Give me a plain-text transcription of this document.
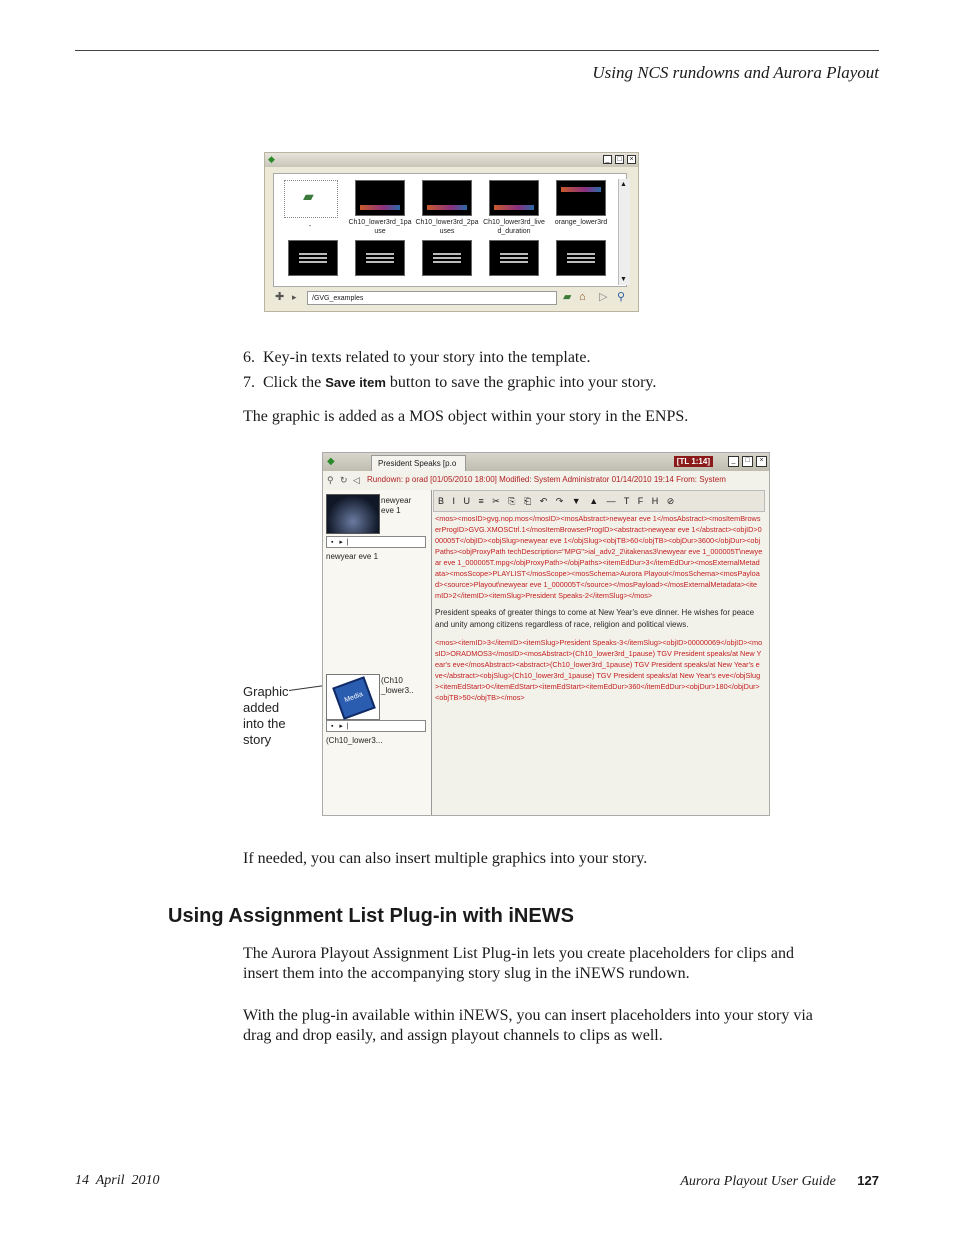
Using NCS rundowns and Aurora Playout
◆	_	□	×
▰
-
Ch10_lower3rd_1pa use
Ch10_lower3rd_2pa uses
Ch10_lower3rd_live d_duration
orange_lower3rd
▲
▼
✚ ▸	/GVG_examples	▰ ⌂ ▷ ⚲
6. Key-in texts related to your story into the template.
7. Click the Save item button to save the graphic into your story.
The graphic is added as a MOS object within your story in the ENPS.
Graphic added into the story
◆	President Speaks [p.o	[TL 1:14]	_	□	×
Rundown: p orad [01/05/2010 18:00] Modified: System Administrator 01/14/2010 19:14 From: System
⚲ ↻ ◁
B I U ≡ ✂ ⎘ ⎗ ↶ ↷ ▼ ▲ — T F H ⊘
newyear eve 1
▪   ▸  |
newyear eve 1
Media
(Ch10 _lower3..
▪   ▸  |
(Ch10_lower3...

<mos><mosID>gvg.nop.mos</mosID><mosAbstract>newyear eve 1</mosAbstract><mosItemBrowserProgID>GVG.XMOSCtrl.1</mosItemBrowserProgID><abstract>newyear eve 1</abstract><objID>000005T</objID><objSlug>newyear eve 1</objSlug><objTB>60</objTB><objDur>3600</objDur><objPaths><objProxyPath techDescription="MPG">ial_adv2_2\itakenas3\newyear eve 1_000005T\newyear eve 1_000005T.mpg</objProxyPath></objPaths><itemEdDur>3</itemEdDur><mosExternalMetadata><mosScope>PLAYLIST</mosScope><mosSchema>Aurora Playout</mosSchema><mosPayload><source>Playout\newyear eve 1_000005T</source></mosPayload></mosExternalMetadata><itemID>2</itemID><itemSlug>President Speaks-2</itemSlug></mos>

President speaks of greater things to come at New Year's eve dinner. He wishes for peace and unity among citizens regardless of race, religion and political views.

<mos><itemID>3</itemID><itemSlug>President Speaks-3</itemSlug><objID>00000069</objID><mosID>ORADMOS3</mosID><mosAbstract>(Ch10_lower3rd_1pause) TGV President speaks/at New Year's eve</mosAbstract><abstract>(Ch10_lower3rd_1pause) TGV President speaks/at New Year's eve</abstract><objSlug>(Ch10_lower3rd_1pause) TGV President speaks/at New Year's eve</objSlug><itemEdStart>0</itemEdStart><itemEdStart><itemEdDur>360</itemEdDur><objDur>180</objDur><objTB>50</objTB></mos>

If needed, you can also insert multiple graphics into your story.
Using Assignment List Plug-in with iNEWS
The Aurora Playout Assignment List Plug-in lets you create placeholders for clips and insert them into the accompanying story slug in the iNEWS rundown.
With the plug-in available within iNEWS, you can insert placeholders into your story via drag and drop easily, and assign playout channels to clips as well.
14  April  2010	Aurora Playout User Guide 127
